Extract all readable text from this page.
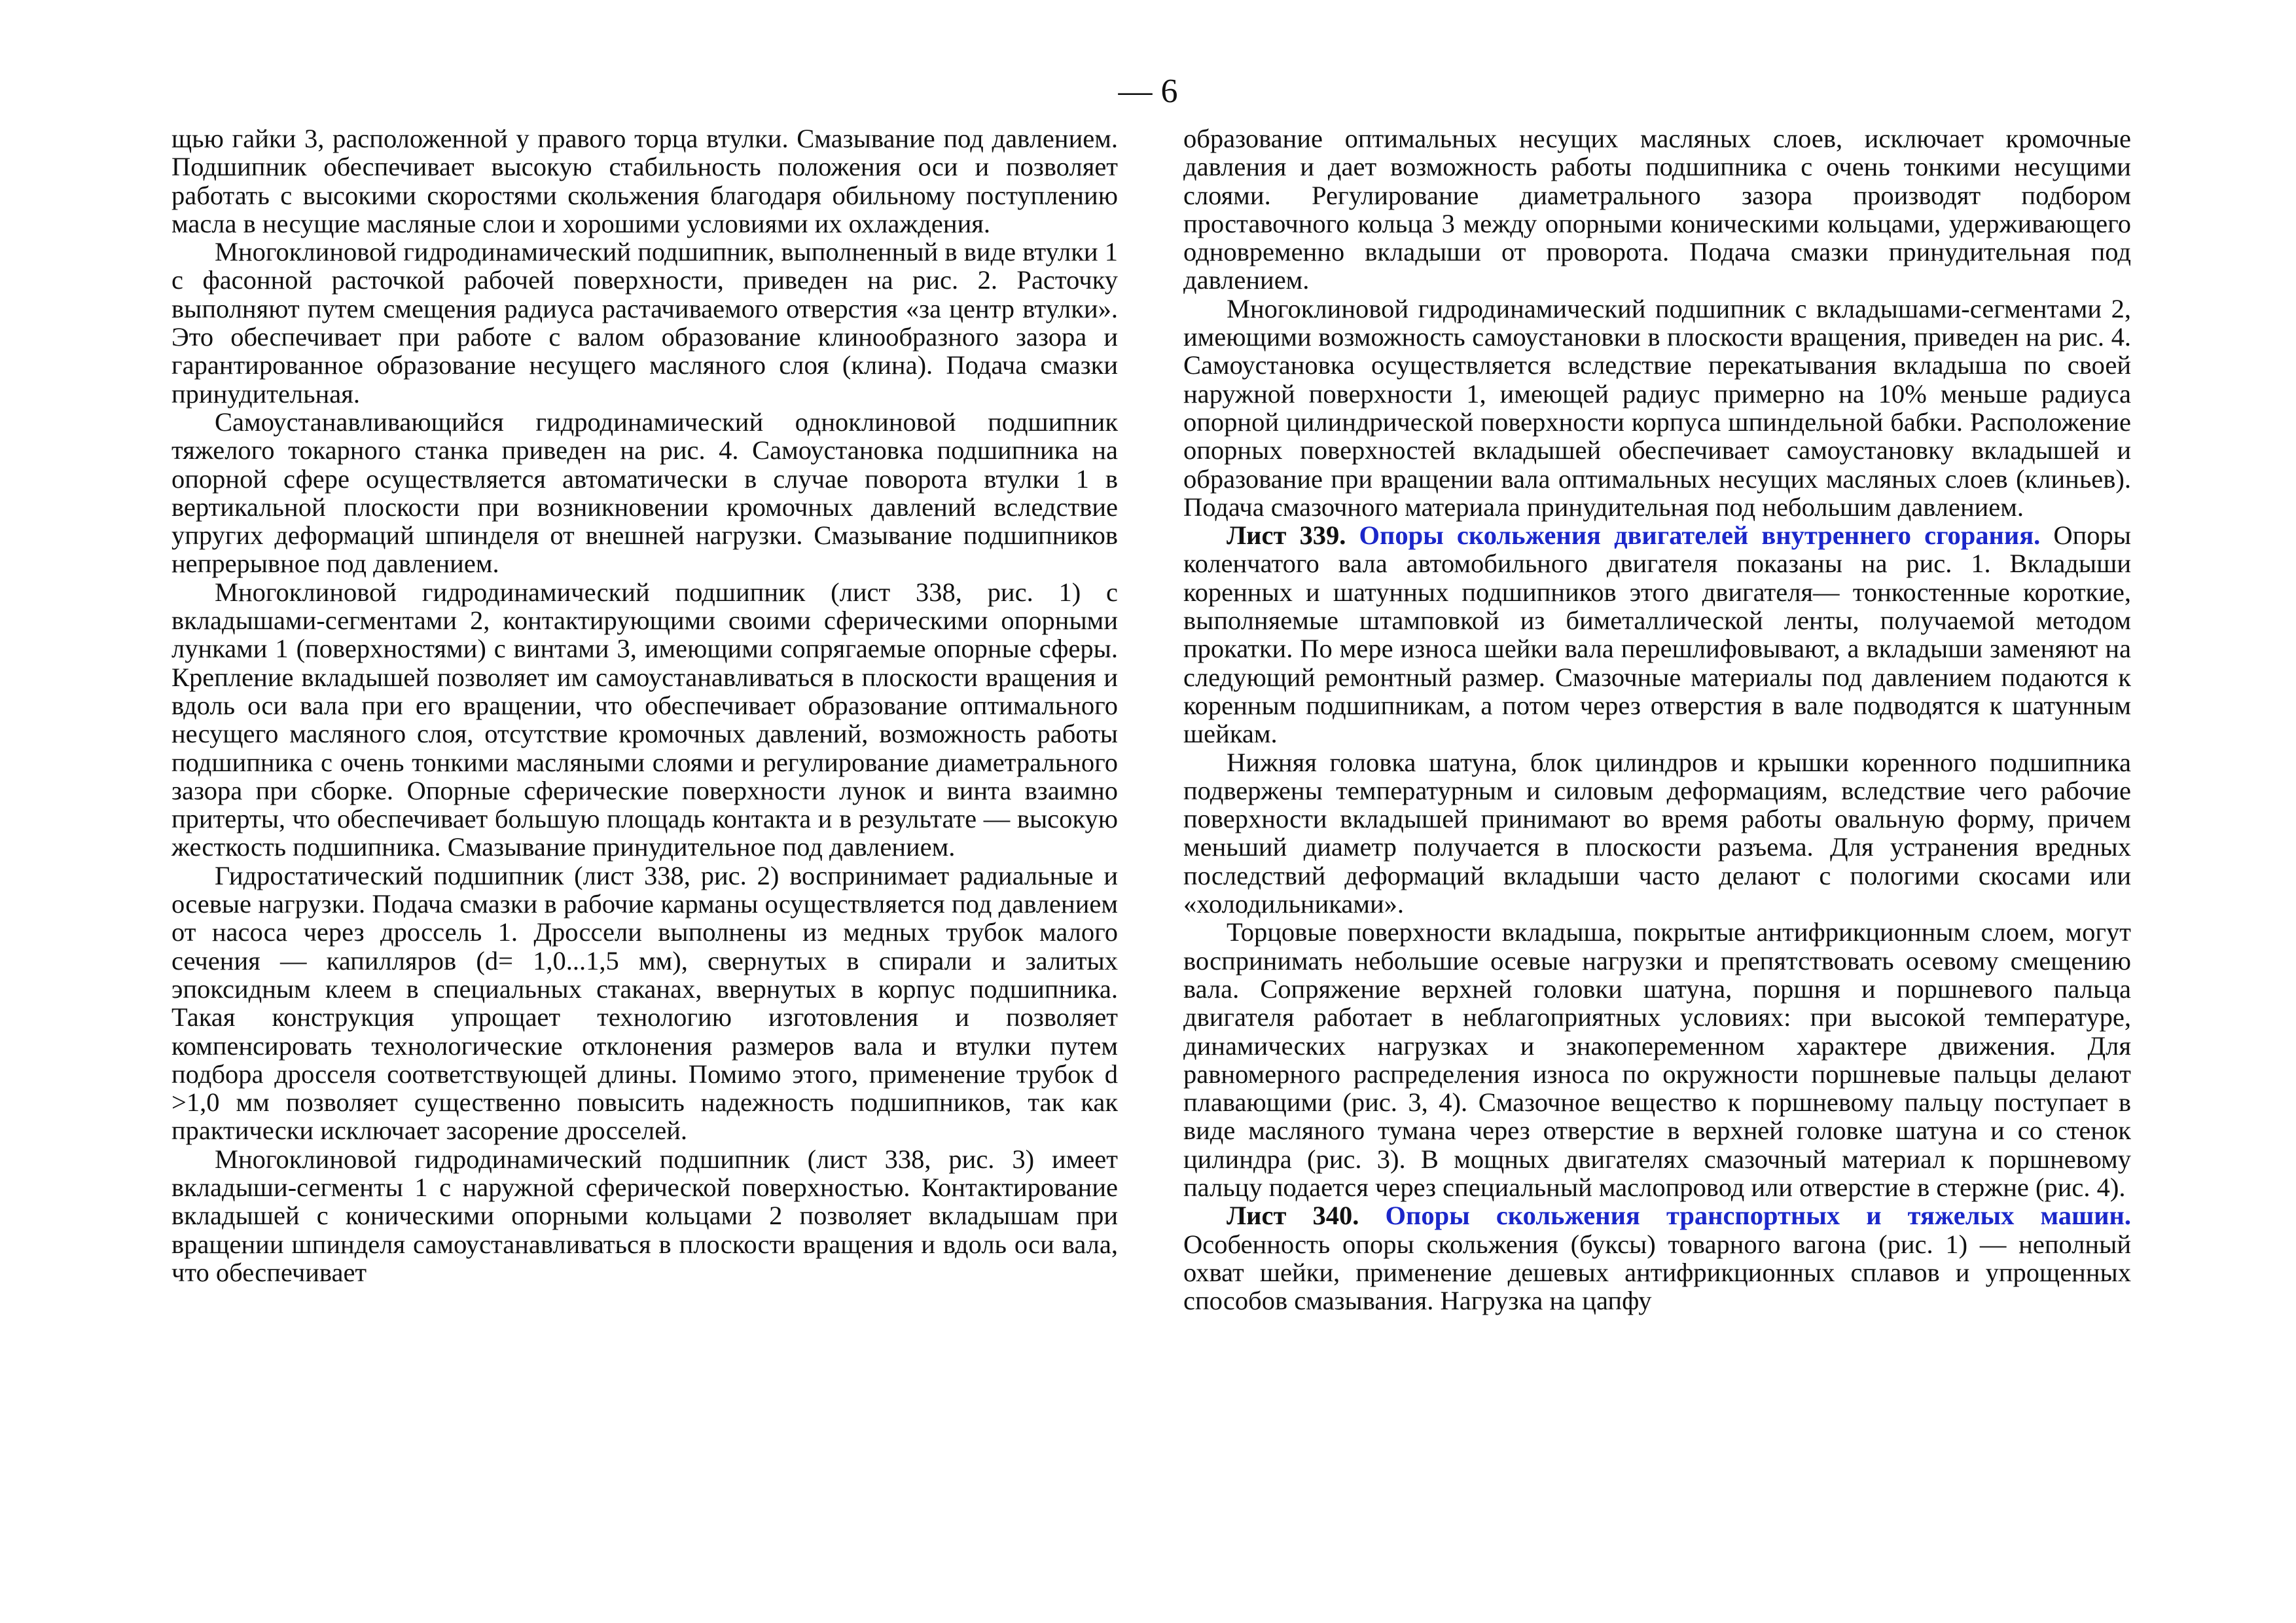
— 6

щью гайки 3, расположенной у правого торца втулки. Смазывание под давлением. Подшипник обеспечивает высокую стабильность положения оси и позволяет работать с высокими скоростями скольжения благодаря обильному поступлению масла в несущие масляные слои и хорошими условиями их охлаждения.

Многоклиновой гидродинамический подшипник, выполненный в виде втулки 1 с фасонной расточкой рабочей поверхности, приведен на рис. 2. Расточку выполняют путем смещения радиуса растачиваемого отверстия «за центр втулки». Это обеспечивает при работе с валом образование клинообразного зазора и гарантированное образование несущего масляного слоя (клина). Подача смазки принудительная.

Самоустанавливающийся гидродинамический одноклиновой подшипник тяжелого токарного станка приведен на рис. 4. Самоустановка подшипника на опорной сфере осуществляется автоматически в случае поворота втулки 1 в вертикальной плоскости при возникновении кромочных давлений вследствие упругих деформаций шпинделя от внешней нагрузки. Смазывание подшипников непрерывное под давлением.

Многоклиновой гидродинамический подшипник (лист 338, рис. 1) с вкладышами-сегментами 2, контактирующими своими сферическими опорными лунками 1 (поверхностями) с винтами 3, имеющими сопрягаемые опорные сферы. Крепление вкладышей позволяет им самоустанавливаться в плоскости вращения и вдоль оси вала при его вращении, что обеспечивает образование оптимального несущего масляного слоя, отсутствие кромочных давлений, возможность работы подшипника с очень тонкими масляными слоями и регулирование диаметрального зазора при сборке. Опорные сферические поверхности лунок и винта взаимно притерты, что обеспечивает большую площадь контакта и в результате — высокую жесткость подшипника. Смазывание принудительное под давлением.

Гидростатический подшипник (лист 338, рис. 2) воспринимает радиальные и осевые нагрузки. Подача смазки в рабочие карманы осуществляется под давлением от насоса через дроссель 1. Дроссели выполнены из медных трубок малого сечения — капилляров (d= 1,0...1,5 мм), свернутых в спирали и залитых эпоксидным клеем в специальных стаканах, ввернутых в корпус подшипника. Такая конструкция упрощает технологию изготовления и позволяет компенсировать технологические отклонения размеров вала и втулки путем подбора дросселя соответствующей длины. Помимо этого, применение трубок d >1,0 мм позволяет существенно повысить надежность подшипников, так как практически исключает засорение дросселей.

Многоклиновой гидродинамический подшипник (лист 338, рис. 3) имеет вкладыши-сегменты 1 с наружной сферической поверхностью. Контактирование вкладышей с коническими опорными кольцами 2 позволяет вкладышам при вращении шпинделя самоустанавливаться в плоскости вращения и вдоль оси вала, что обеспечивает

образование оптимальных несущих масляных слоев, исключает кромочные давления и дает возможность работы подшипника с очень тонкими несущими слоями. Регулирование диаметрального зазора производят подбором проставочного кольца 3 между опорными коническими кольцами, удерживающего одновременно вкладыши от проворота. Подача смазки принудительная под давлением.

Многоклиновой гидродинамический подшипник с вкладышами-сегментами 2, имеющими возможность самоустановки в плоскости вращения, приведен на рис. 4. Самоустановка осуществляется вследствие перекатывания вкладыша по своей наружной поверхности 1, имеющей радиус примерно на 10% меньше радиуса опорной цилиндрической поверхности корпуса шпиндельной бабки. Расположение опорных поверхностей вкладышей обеспечивает самоустановку вкладышей и образование при вращении вала оптимальных несущих масляных слоев (клиньев). Подача смазочного материала принудительная под небольшим давлением.

Лист 339. Опоры скольжения двигателей внутреннего сгорания. Опоры коленчатого вала автомобильного двигателя показаны на рис. 1. Вкладыши коренных и шатунных подшипников этого двигателя— тонкостенные короткие, выполняемые штамповкой из биметаллической ленты, получаемой методом прокатки. По мере износа шейки вала перешлифовывают, а вкладыши заменяют на следующий ремонтный размер. Смазочные материалы под давлением подаются к коренным подшипникам, а потом через отверстия в вале подводятся к шатунным шейкам.

Нижняя головка шатуна, блок цилиндров и крышки коренного подшипника подвержены температурным и силовым деформациям, вследствие чего рабочие поверхности вкладышей принимают во время работы овальную форму, причем меньший диаметр получается в плоскости разъема. Для устранения вредных последствий деформаций вкладыши часто делают с пологими скосами или «холодильниками».

Торцовые поверхности вкладыша, покрытые антифрикционным слоем, могут воспринимать небольшие осевые нагрузки и препятствовать осевому смещению вала. Сопряжение верхней головки шатуна, поршня и поршневого пальца двигателя работает в неблагоприятных условиях: при высокой температуре, динамических нагрузках и знакопеременном характере движения. Для равномерного распределения износа по окружности поршневые пальцы делают плавающими (рис. 3, 4). Смазочное вещество к поршневому пальцу поступает в виде масляного тумана через отверстие в верхней головке шатуна и со стенок цилиндра (рис. 3). В мощных двигателях смазочный материал к поршневому пальцу подается через специальный маслопровод или отверстие в стержне (рис. 4).

Лист 340. Опоры скольжения транспортных и тяжелых машин. Особенность опоры скольжения (буксы) товарного вагона (рис. 1) — неполный охват шейки, применение дешевых антифрикционных сплавов и упрощенных способов смазывания. Нагрузка на цапфу
